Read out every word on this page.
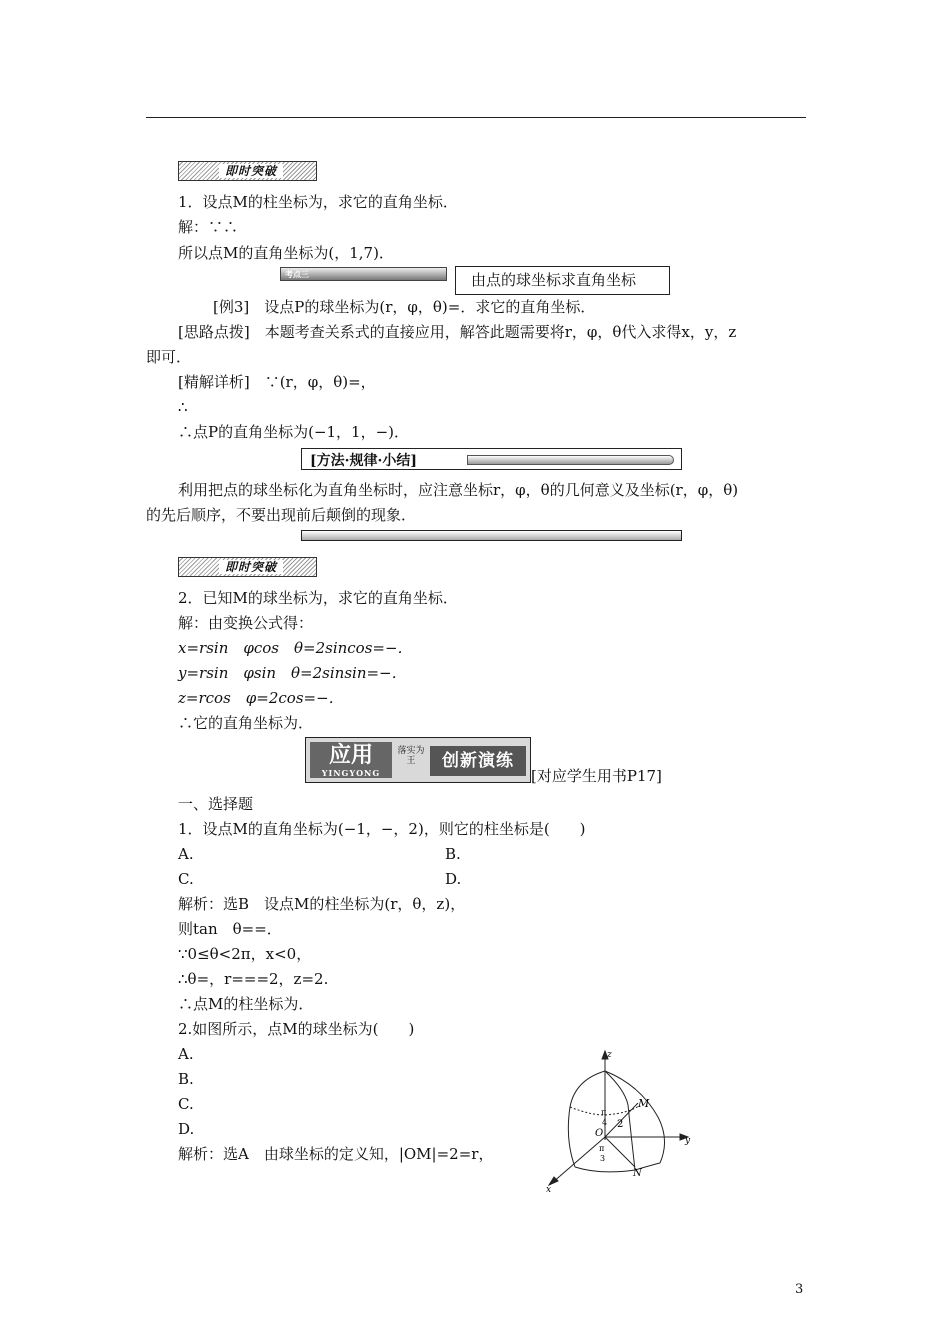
即时突破
1．设点M的柱坐标为，求它的直角坐标．
解：∵∴
所以点M的直角坐标为(，1,7)．
考点三	由点的球坐标求直角坐标
[例3]　设点P的球坐标为(r，φ，θ)=．求它的直角坐标．
[思路点拨]　本题考查关系式的直接应用，解答此题需要将r，φ，θ代入求得x，y，z
即可．
[精解详析]　∵(r，φ，θ)=，
∴
∴点P的直角坐标为(−1，1，−)．
[方法·规律·小结]
利用把点的球坐标化为直角坐标时，应注意坐标r，φ，θ的几何意义及坐标(r，φ，θ)
的先后顺序，不要出现前后颠倒的现象．
即时突破
2．已知M的球坐标为，求它的直角坐标．
解：由变换公式得：
x=rsin　φcos　θ=2sincos=−．
y=rsin　φsin　θ=2sinsin=−．
z=rcos　φ=2cos=−．
∴它的直角坐标为．
应用
YINGYONG
落实为王	创新演练
[对应学生用书P17]
一、选择题
1．设点M的直角坐标为(−1，−，2)，则它的柱坐标是(　　)
A.	B.
C.	D.
解析：选B　设点M的柱坐标为(r，θ，z)，
则tan　θ==．
∵0≤θ<2π，x<0，
∴θ=，r===2，z=2.
∴点M的柱坐标为．
2.如图所示，点M的球坐标为(　　)
A.
B.
C.
D.
解析：选A　由球坐标的定义知，|OM|=2=r，
z
y
x
M
N
O
2
π
4
π
3
3
